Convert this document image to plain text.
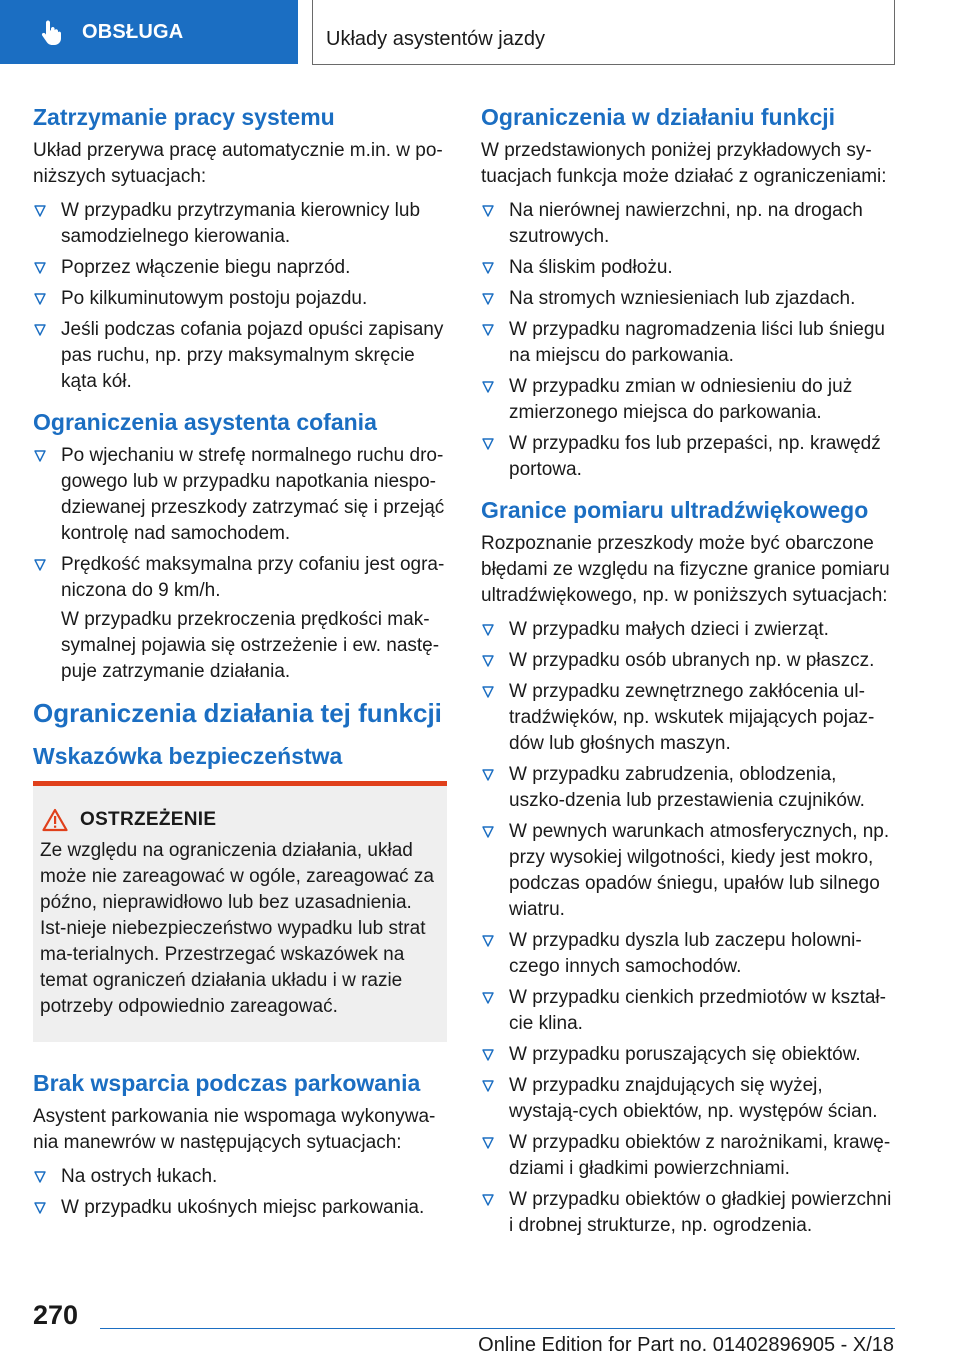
OBSŁUGA	Układy asystentów jazdy
Zatrzymanie pracy systemu

Układ przerywa pracę automatycznie m.in. w po-
niższych sytuacjach:

W przypadku przytrzymania kierownicy lub samodzielnego kierowania.
Poprzez włączenie biegu naprzód.
Po kilkuminutowym postoju pojazdu.
Jeśli podczas cofania pojazd opuści zapisany pas ruchu, np. przy maksymalnym skręcie kąta kół.
Ograniczenia asystenta cofania
Po wjechaniu w strefę normalnego ruchu dro-gowego lub w przypadku napotkania niespo-dziewanej przeszkody zatrzymać się i przejąć kontrolę nad samochodem.
Prędkość maksymalna przy cofaniu jest ogra-niczona do 9 km/h.

W przypadku przekroczenia prędkości mak-symalnej pojawia się ostrzeżenie i ew. nastę-puje zatrzymanie działania.

Ograniczenia działania tej funkcji
Wskazówka bezpieczeństwa
OSTRZEŻENIE
Ze względu na ograniczenia działania, układ może nie zareagować w ogóle, zareagować za późno, nieprawidłowo lub bez uzasadnienia. Ist-nieje niebezpieczeństwo wypadku lub strat ma-terialnych. Przestrzegać wskazówek na temat ograniczeń działania układu i w razie potrzeby odpowiednio zareagować.
Brak wsparcia podczas parkowania

Asystent parkowania nie wspomaga wykonywa-nia manewrów w następujących sytuacjach:

Na ostrych łukach.
W przypadku ukośnych miejsc parkowania.
Ograniczenia w działaniu funkcji

W przedstawionych poniżej przykładowych sy-tuacjach funkcja może działać z ograniczeniami:

Na nierównej nawierzchni, np. na drogach szutrowych.
Na śliskim podłożu.
Na stromych wzniesieniach lub zjazdach.
W przypadku nagromadzenia liści lub śniegu na miejscu do parkowania.
W przypadku zmian w odniesieniu do już zmierzonego miejsca do parkowania.
W przypadku fos lub przepaści, np. krawędź portowa.
Granice pomiaru ultradźwiękowego

Rozpoznanie przeszkody może być obarczone błędami ze względu na fizyczne granice pomiaru ultradźwiękowego, np. w poniższych sytuacjach:

W przypadku małych dzieci i zwierząt.
W przypadku osób ubranych np. w płaszcz.
W przypadku zewnętrznego zakłócenia ul-tradźwięków, np. wskutek mijających pojaz-dów lub głośnych maszyn.
W przypadku zabrudzenia, oblodzenia, uszko-dzenia lub przestawienia czujników.
W pewnych warunkach atmosferycznych, np. przy wysokiej wilgotności, kiedy jest mokro, podczas opadów śniegu, upałów lub silnego wiatru.
W przypadku dyszla lub zaczepu holowni-czego innych samochodów.
W przypadku cienkich przedmiotów w kształ-cie klina.
W przypadku poruszających się obiektów.
W przypadku znajdujących się wyżej, wystają-cych obiektów, np. występów ścian.
W przypadku obiektów z narożnikami, krawę-dziami i gładkimi powierzchniami.
W przypadku obiektów o gładkiej powierzchni i drobnej strukturze, np. ogrodzenia.
270
Online Edition for Part no. 01402896905 - X/18
